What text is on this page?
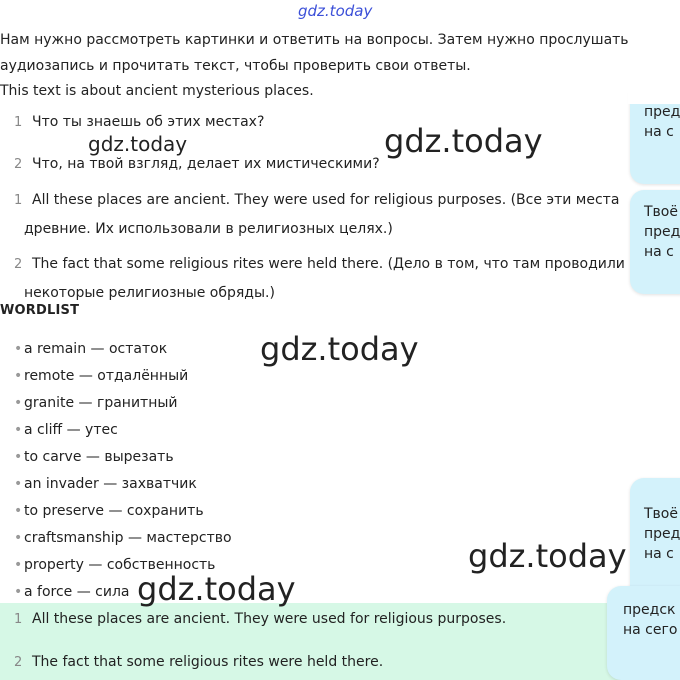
gdz.today
Нам нужно рассмотреть картинки и ответить на вопросы. Затем нужно прослушать
аудиозапись и прочитать текст, чтобы проверить свои ответы.
This text is about ancient mysterious places.
1 Что ты знаешь об этих местах?
2 Что, на твой взгляд, делает их мистическими?
1 All these places are ancient. They were used for religious purposes. (Все эти места
древние. Их использовали в религиозных целях.)
2 The fact that some religious rites were held there. (Дело в том, что там проводили
некоторые религиозные обряды.)
WORDLIST
• a remain — остаток
• remote — отдалённый
• granite — гранитный
• a cliff — утес
• to carve — вырезать
• an invader — захватчик
• to preserve — сохранить
• craftsmanship — мастерство
• property — собственность
• a force — сила
1 All these places are ancient. They were used for religious purposes.
2 The fact that some religious rites were held there.
пред
на с
Твоё
пред
на с
Твоё
пред
на с
предск
на сего
gdz.today	gdz.today
gdz.today
gdz.today
gdz.today
